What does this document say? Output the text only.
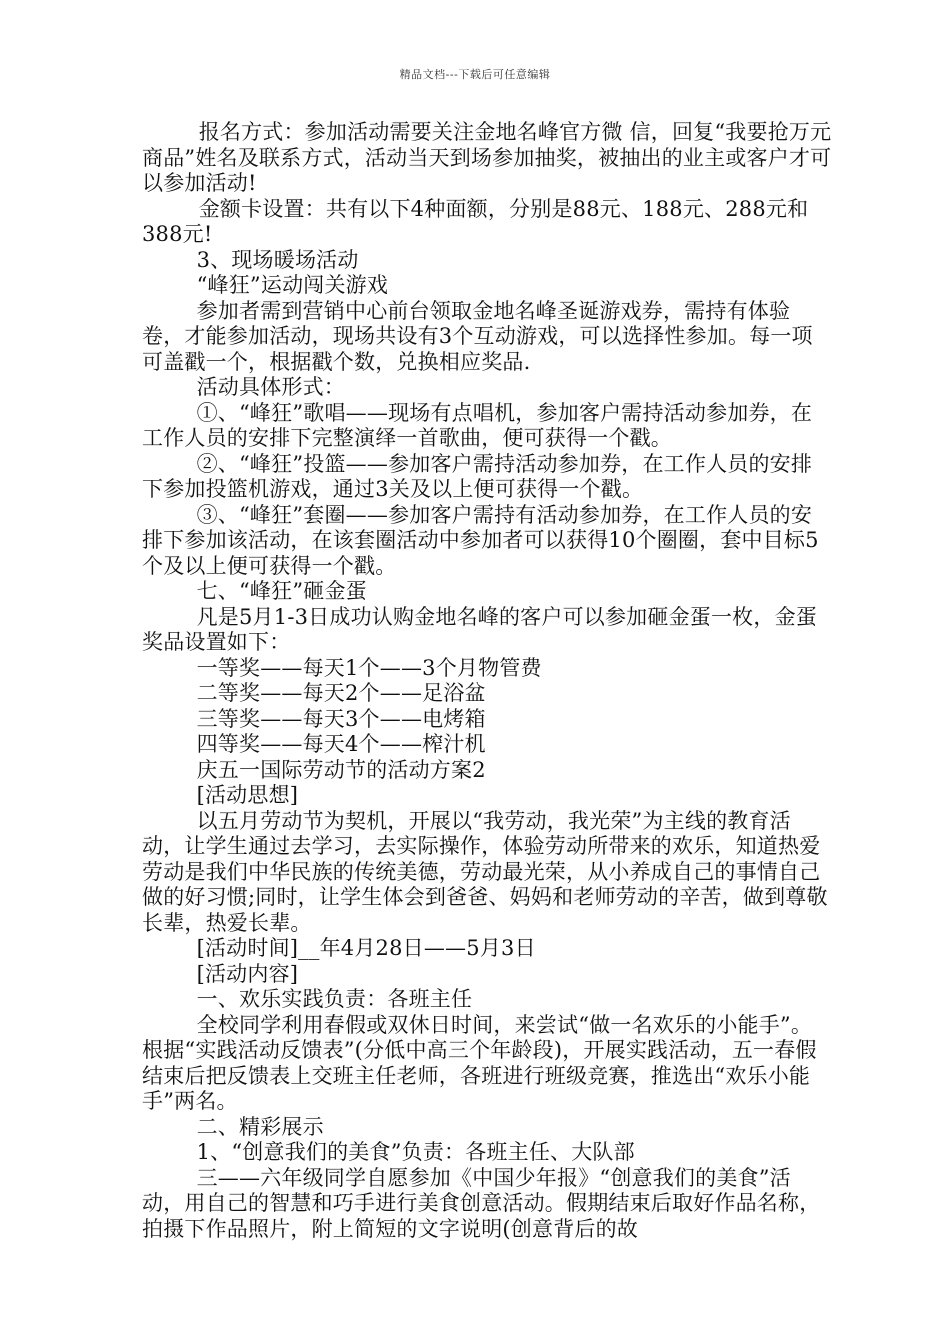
精品文档---下载后可任意编辑

报名方式：参加活动需要关注金地名峰官方微 信，回复“我要抢万元商品”姓名及联系方式，活动当天到场参加抽奖，被抽出的业主或客户才可以参加活动!

金额卡设置：共有以下4种面额，分别是88元、188元、288元和388元!

3、现场暖场活动

“峰狂”运动闯关游戏

参加者需到营销中心前台领取金地名峰圣诞游戏券，需持有体验卷，才能参加活动，现场共设有3个互动游戏，可以选择性参加。每一项可盖戳一个，根据戳个数，兑换相应奖品.

活动具体形式：

①、“峰狂”歌唱——现场有点唱机，参加客户需持活动参加券，在工作人员的安排下完整演绎一首歌曲，便可获得一个戳。

②、“峰狂”投篮——参加客户需持活动参加券，在工作人员的安排下参加投篮机游戏，通过3关及以上便可获得一个戳。

③、“峰狂”套圈——参加客户需持有活动参加券，在工作人员的安排下参加该活动，在该套圈活动中参加者可以获得10个圈圈，套中目标5个及以上便可获得一个戳。

七、“峰狂”砸金蛋

凡是5月1-3日成功认购金地名峰的客户可以参加砸金蛋一枚，金蛋奖品设置如下：

一等奖——每天1个——3个月物管费

二等奖——每天2个——足浴盆

三等奖——每天3个——电烤箱

四等奖——每天4个——榨汁机

庆五一国际劳动节的活动方案2

[活动思想]

以五月劳动节为契机，开展以“我劳动，我光荣”为主线的教育活动，让学生通过去学习，去实际操作，体验劳动所带来的欢乐，知道热爱劳动是我们中华民族的传统美德，劳动最光荣，从小养成自己的事情自己做的好习惯;同时，让学生体会到爸爸、妈妈和老师劳动的辛苦，做到尊敬长辈，热爱长辈。

[活动时间]__年4月28日——5月3日

[活动内容]

一、欢乐实践负责：各班主任

全校同学利用春假或双休日时间，来尝试“做一名欢乐的小能手”。根据“实践活动反馈表”(分低中高三个年龄段)，开展实践活动，五一春假结束后把反馈表上交班主任老师，各班进行班级竞赛，推选出“欢乐小能手”两名。

二、精彩展示

1、“创意我们的美食”负责：各班主任、大队部

三——六年级同学自愿参加《中国少年报》“创意我们的美食”活动，用自己的智慧和巧手进行美食创意活动。假期结束后取好作品名称，拍摄下作品照片，附上简短的文字说明(创意背后的故
